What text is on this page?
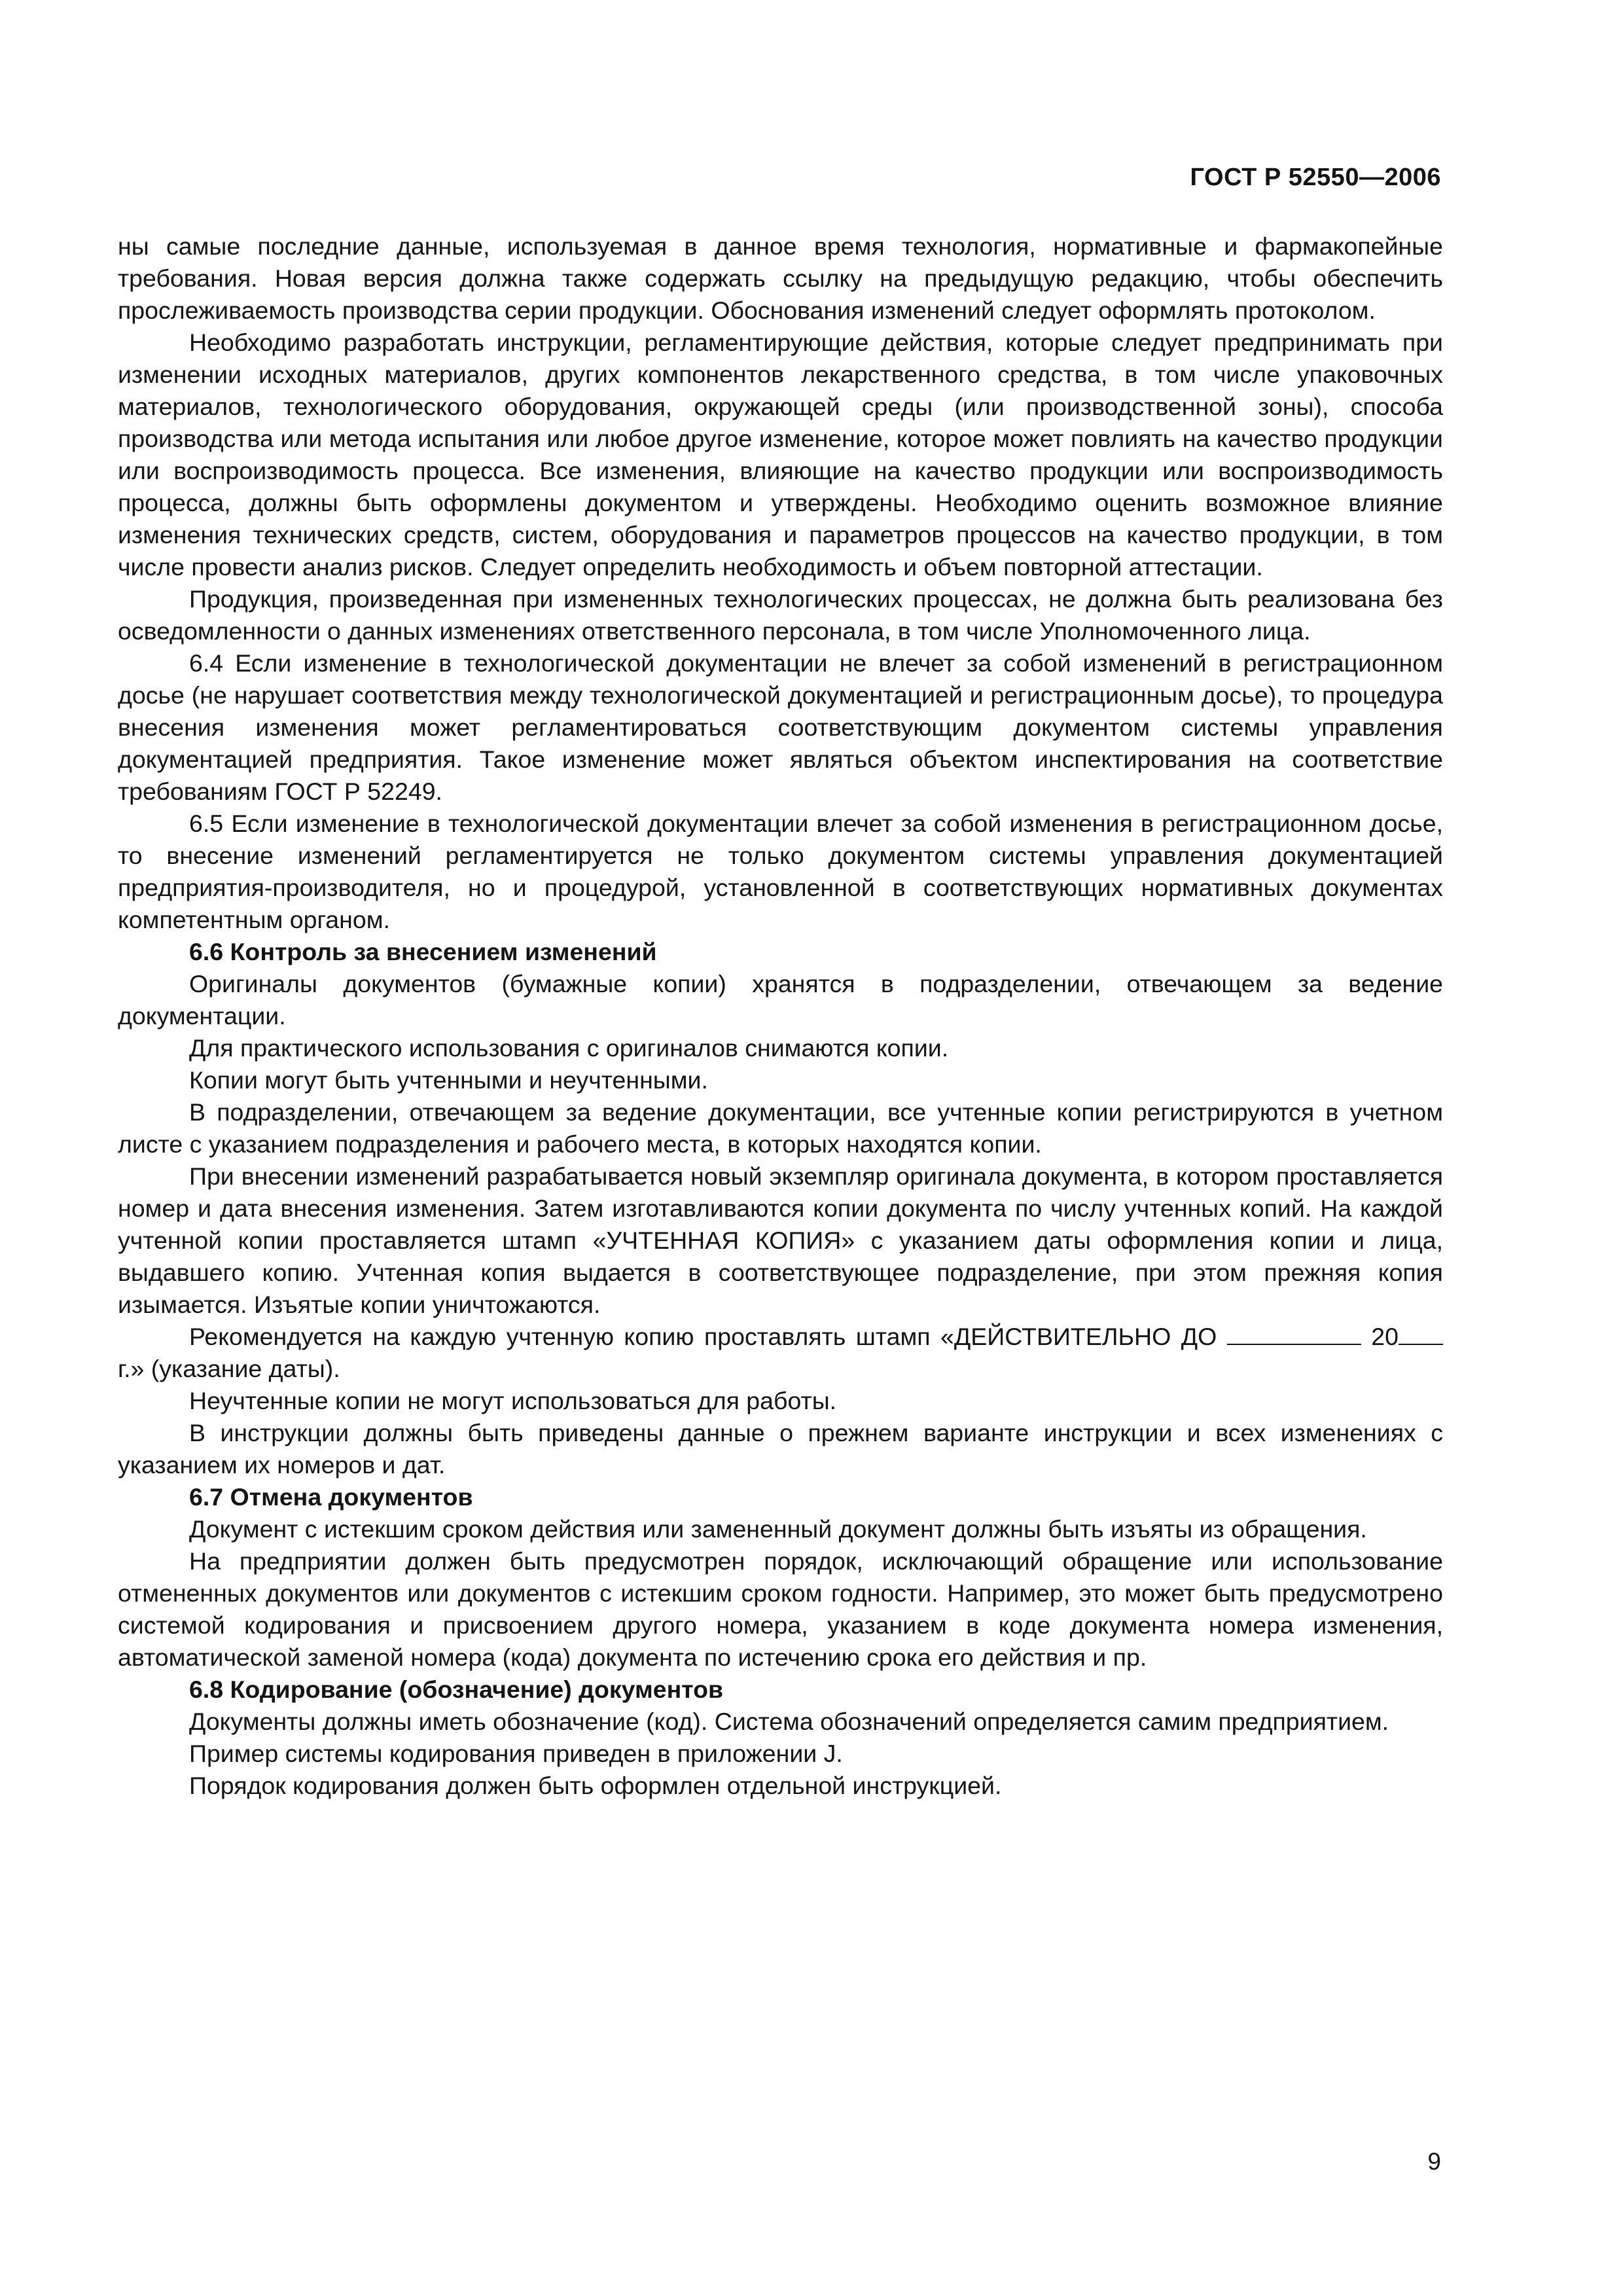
ГОСТ Р 52550—2006

ны самые последние данные, используемая в данное время технология, нормативные и фармакопейные требования. Новая версия должна также содержать ссылку на предыдущую редакцию, чтобы обеспечить прослеживаемость производства серии продукции. Обоснования изменений следует оформлять протоколом.

Необходимо разработать инструкции, регламентирующие действия, которые следует предпринимать при изменении исходных материалов, других компонентов лекарственного средства, в том числе упаковочных материалов, технологического оборудования, окружающей среды (или производственной зоны), способа производства или метода испытания или любое другое изменение, которое может повлиять на качество продукции или воспроизводимость процесса. Все изменения, влияющие на качество продукции или воспроизводимость процесса, должны быть оформлены документом и утверждены. Необходимо оценить возможное влияние изменения технических средств, систем, оборудования и параметров процессов на качество продукции, в том числе провести анализ рисков. Следует определить необходимость и объем повторной аттестации.

Продукция, произведенная при измененных технологических процессах, не должна быть реализована без осведомленности о данных изменениях ответственного персонала, в том числе Уполномоченного лица.

6.4 Если изменение в технологической документации не влечет за собой изменений в регистрационном досье (не нарушает соответствия между технологической документацией и регистрационным досье), то процедура внесения изменения может регламентироваться соответствующим документом системы управления документацией предприятия. Такое изменение может являться объектом инспектирования на соответствие требованиям ГОСТ Р 52249.

6.5 Если изменение в технологической документации влечет за собой изменения в регистрационном досье, то внесение изменений регламентируется не только документом системы управления документацией предприятия-производителя, но и процедурой, установленной в соответствующих нормативных документах компетентным органом.

6.6 Контроль за внесением изменений

Оригиналы документов (бумажные копии) хранятся в подразделении, отвечающем за ведение документации.

Для практического использования с оригиналов снимаются копии.

Копии могут быть учтенными и неучтенными.

В подразделении, отвечающем за ведение документации, все учтенные копии регистрируются в учетном листе с указанием подразделения и рабочего места, в которых находятся копии.

При внесении изменений разрабатывается новый экземпляр оригинала документа, в котором проставляется номер и дата внесения изменения. Затем изготавливаются копии документа по числу учтенных копий. На каждой учтенной копии проставляется штамп «УЧТЕННАЯ КОПИЯ» с указанием даты оформления копии и лица, выдавшего копию. Учтенная копия выдается в соответствующее подразделение, при этом прежняя копия изымается. Изъятые копии уничтожаются.

Рекомендуется на каждую учтенную копию проставлять штамп «ДЕЙСТВИТЕЛЬНО ДО	20 г.» (указание даты).

Неучтенные копии не могут использоваться для работы.

В инструкции должны быть приведены данные о прежнем варианте инструкции и всех изменениях с указанием их номеров и дат.

6.7 Отмена документов

Документ с истекшим сроком действия или замененный документ должны быть изъяты из обращения.

На предприятии должен быть предусмотрен порядок, исключающий обращение или использование отмененных документов или документов с истекшим сроком годности. Например, это может быть предусмотрено системой кодирования и присвоением другого номера, указанием в коде документа номера изменения, автоматической заменой номера (кода) документа по истечению срока его действия и пр.

6.8 Кодирование (обозначение) документов

Документы должны иметь обозначение (код). Система обозначений определяется самим предприятием.

Пример системы кодирования приведен в приложении J.

Порядок кодирования должен быть оформлен отдельной инструкцией.

9
